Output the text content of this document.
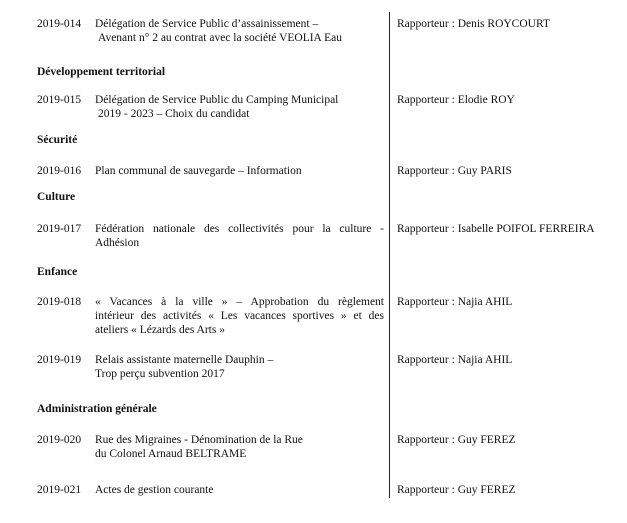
2019-014 Délégation de Service Public d’assainissement –
Avenant n° 2 au contrat avec la société VEOLIA Eau
Rapporteur : Denis ROYCOURT
Développement territorial
2019-015 Délégation de Service Public du Camping Municipal
2019 - 2023 – Choix du candidat
Rapporteur : Elodie ROY
Sécurité
2019-016 Plan communal de sauvegarde – Information	Rapporteur : Guy PARIS
Culture
2019-017 Fédération nationale des collectivités pour la culture -
Adhésion
Rapporteur : Isabelle POIFOL FERREIRA
Enfance
2019-018 « Vacances à la ville » – Approbation du règlement
intérieur des activités « Les vacances sportives » et des
ateliers « Lézards des Arts »
Rapporteur : Najia AHIL
2019-019 Relais assistante maternelle Dauphin –
Trop perçu subvention 2017
Rapporteur : Najia AHIL
Administration générale
2019-020 Rue des Migraines - Dénomination de la Rue
du Colonel Arnaud BELTRAME
Rapporteur : Guy FEREZ
2019-021 Actes de gestion courante	Rapporteur : Guy FEREZ
